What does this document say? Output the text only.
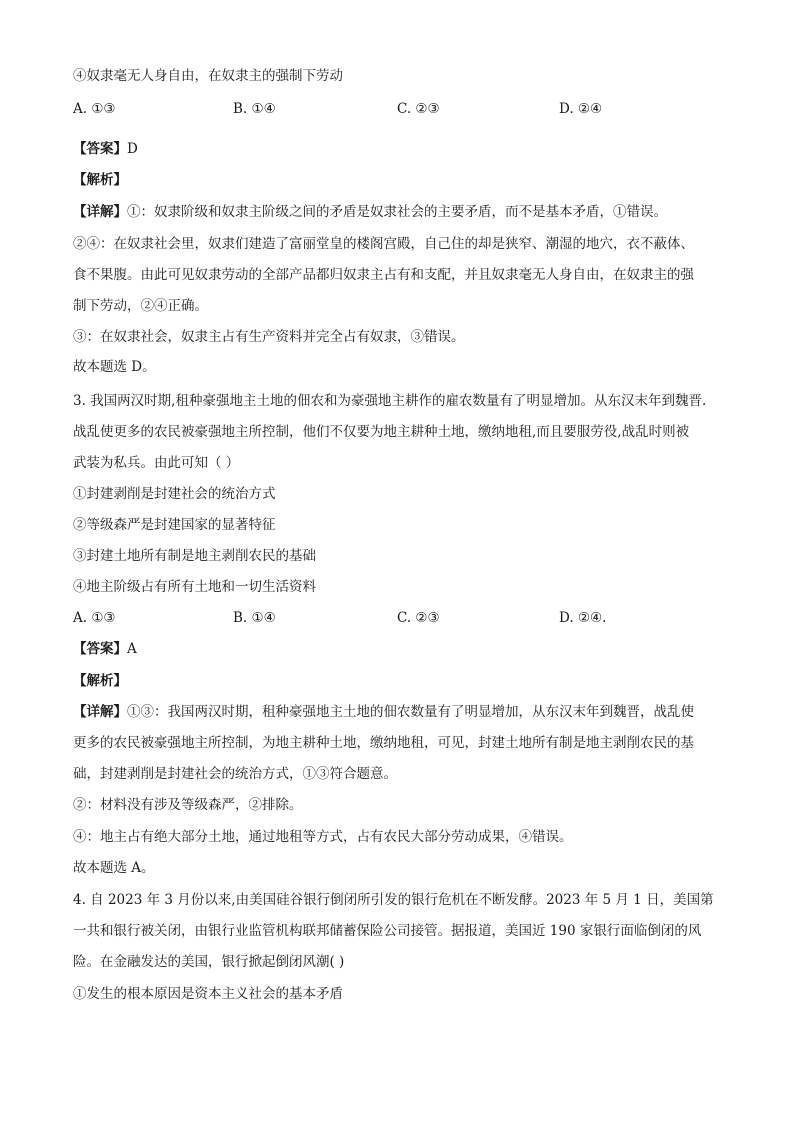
④奴隶毫无人身自由，在奴隶主的强制下劳动
A. ①③	B. ①④	C. ②③	D. ②④
【答案】D
【解析】
【详解】①：奴隶阶级和奴隶主阶级之间的矛盾是奴隶社会的主要矛盾，而不是基本矛盾，①错误。
②④：在奴隶社会里，奴隶们建造了富丽堂皇的楼阁宫殿，自己住的却是狭窄、潮湿的地穴，衣不蔽体、
食不果腹。由此可见奴隶劳动的全部产品都归奴隶主占有和支配，并且奴隶毫无人身自由，在奴隶主的强
制下劳动，②④正确。
③：在奴隶社会，奴隶主占有生产资料并完全占有奴隶，③错误。
故本题选 D。
3. 我国两汉时期,租种豪强地主土地的佃农和为豪强地主耕作的雇农数量有了明显增加。从东汉末年到魏晋.
战乱使更多的农民被豪强地主所控制，他们不仅要为地主耕种土地，缴纳地租,而且要服劳役,战乱时则被
武装为私兵。由此可知（ ）
①封建剥削是封建社会的统治方式
②等级森严是封建国家的显著特征
③封建土地所有制是地主剥削农民的基础
④地主阶级占有所有土地和一切生活资料
A. ①③	B. ①④	C. ②③	D. ②④.
【答案】A
【解析】
【详解】①③：我国两汉时期，租种豪强地主土地的佃农数量有了明显增加，从东汉末年到魏晋，战乱使
更多的农民被豪强地主所控制，为地主耕种土地，缴纳地租，可见，封建土地所有制是地主剥削农民的基
础，封建剥削是封建社会的统治方式，①③符合题意。
②：材料没有涉及等级森严，②排除。
④：地主占有绝大部分土地，通过地租等方式，占有农民大部分劳动成果，④错误。
故本题选 A。
4. 自 2023 年 3 月份以来,由美国硅谷银行倒闭所引发的银行危机在不断发酵。2023 年 5 月 1 日，美国第
一共和银行被关闭，由银行业监管机构联邦储蓄保险公司接管。据报道，美国近 190 家银行面临倒闭的风
险。在金融发达的美国，银行掀起倒闭风潮( )
①发生的根本原因是资本主义社会的基本矛盾
